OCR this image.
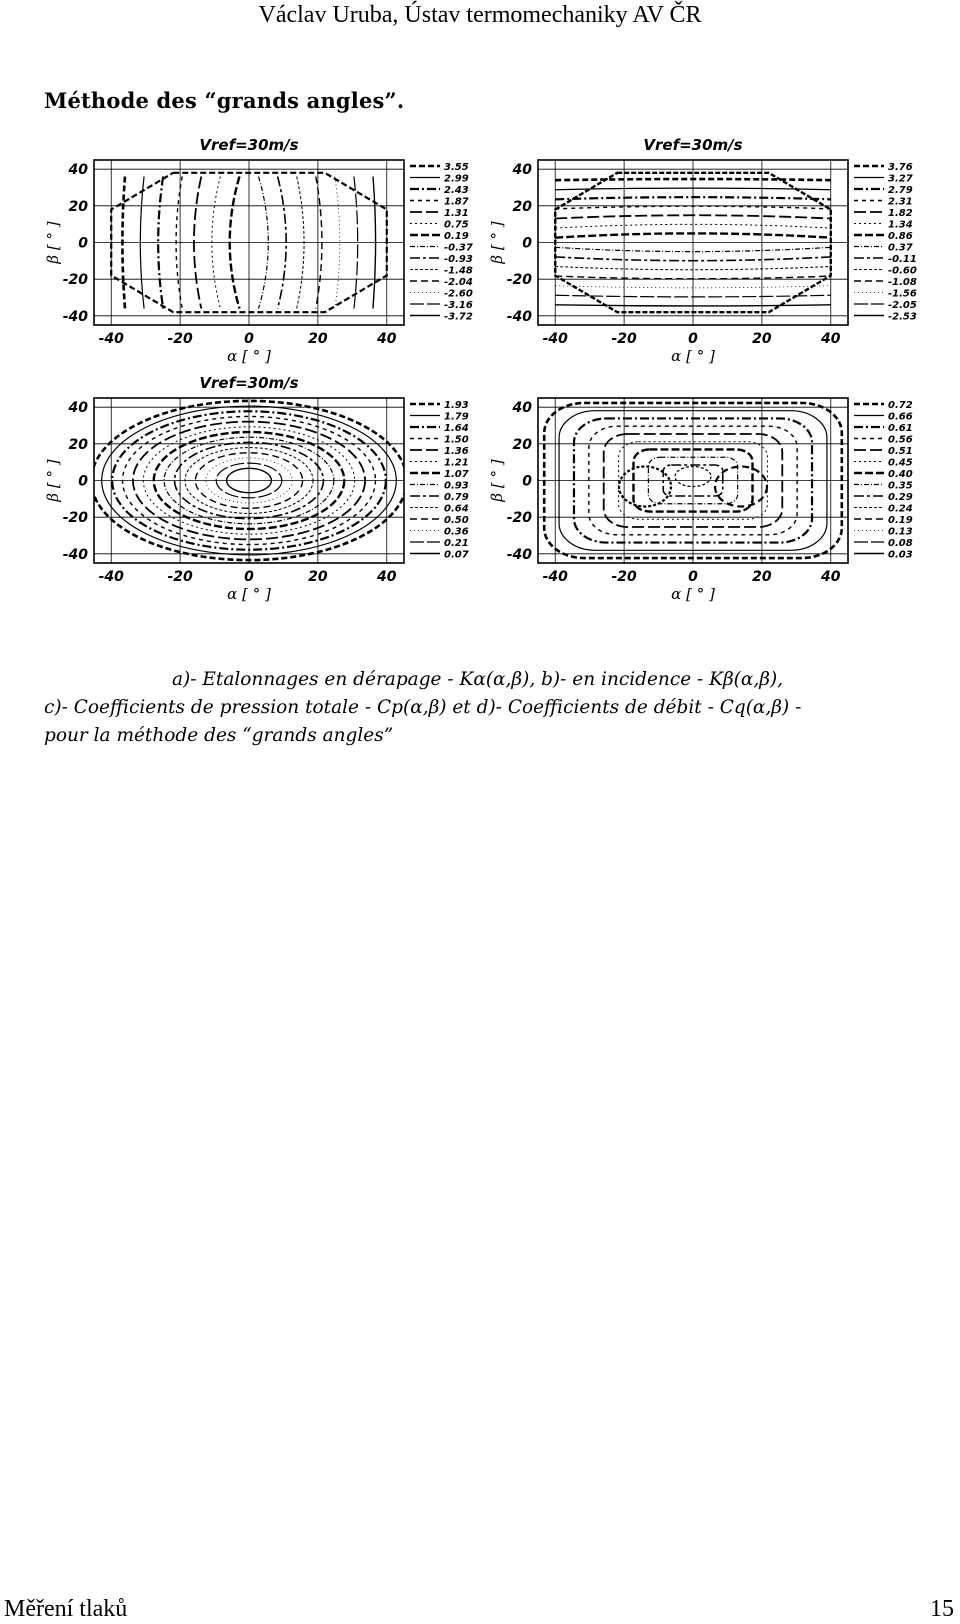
Václav Uruba, Ústav termomechaniky AV ČR
Méthode des “grands angles”.
Vref=30m/s
-40	-20	0	20	40
40
20
0
-20
-40
α [ ° ]
β [ ° ]
3.55
2.99
2.43
1.87
1.31
0.75
0.19
-0.37
-0.93
-1.48
-2.04
-2.60
-3.16
-3.72
Vref=30m/s
-40	-20	0	20	40
40
20
0
-20
-40
α [ ° ]
β [ ° ]
3.76
3.27
2.79
2.31
1.82
1.34
0.86
0.37
-0.11
-0.60
-1.08
-1.56
-2.05
-2.53
Vref=30m/s
-40	-20	0	20	40
40
20
0
-20
-40
α [ ° ]
β [ ° ]
1.93
1.79
1.64
1.50
1.36
1.21
1.07
0.93
0.79
0.64
0.50
0.36
0.21
0.07
-40	-20	0	20	40
40
20
0
-20
-40
α [ ° ]
β [ ° ]
0.72
0.66
0.61
0.56
0.51
0.45
0.40
0.35
0.29
0.24
0.19
0.13
0.08
0.03
a)- Etalonnages en dérapage - Kα(α,β), b)- en incidence - Kβ(α,β),
c)- Coefficients de pression totale - Cp(α,β) et d)- Coefficients de débit - Cq(α,β) -
pour la méthode des “grands angles”
Měření tlaků	15
